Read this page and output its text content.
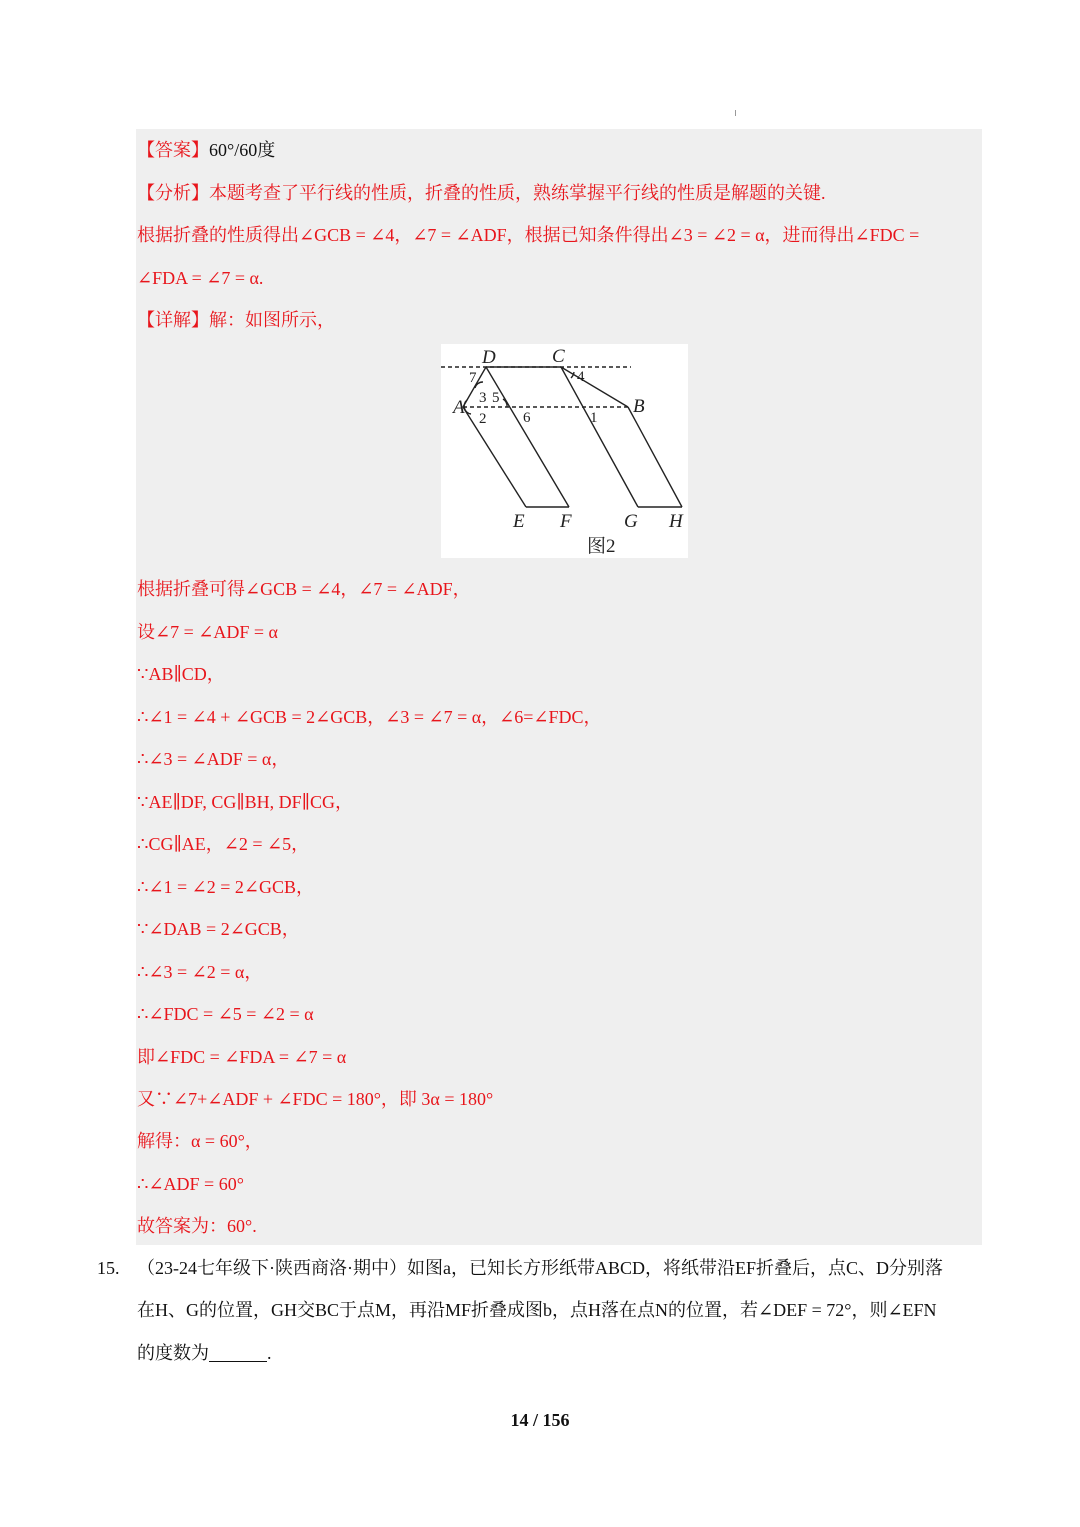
【答案】60°/60度
【分析】本题考查了平行线的性质，折叠的性质，熟练掌握平行线的性质是解题的关键.
根据折叠的性质得出∠GCB = ∠4，∠7 = ∠ADF，根据已知条件得出∠3 = ∠2 = α，进而得出∠FDC =
∠FDA = ∠7 = α.
【详解】解：如图所示，
D	C
A	B
E F	G H
7
3 5
2 6	1
4
图2
根据折叠可得∠GCB = ∠4，∠7 = ∠ADF，
设∠7 = ∠ADF = α
∵AB∥CD，
∴∠1 = ∠4 + ∠GCB = 2∠GCB，∠3 = ∠7 = α，∠6=∠FDC，
∴∠3 = ∠ADF = α，
∵AE∥DF, CG∥BH, DF∥CG，
∴CG∥AE，∠2 = ∠5，
∴∠1 = ∠2 = 2∠GCB，
∵∠DAB = 2∠GCB，
∴∠3 = ∠2 = α，
∴∠FDC = ∠5 = ∠2 = α
即∠FDC = ∠FDA = ∠7 = α
又∵∠7+∠ADF + ∠FDC = 180°，即 3α = 180°
解得：α = 60°，
∴∠ADF = 60°
故答案为：60°.
15. （23-24七年级下·陕西商洛·期中）如图a，已知长方形纸带ABCD，将纸带沿EF折叠后，点C、D分别落
在H、G的位置，GH交BC于点M，再沿MF折叠成图b，点H落在点N的位置，若∠DEF = 72°，则∠EFN
的度数为	.
14 / 156
